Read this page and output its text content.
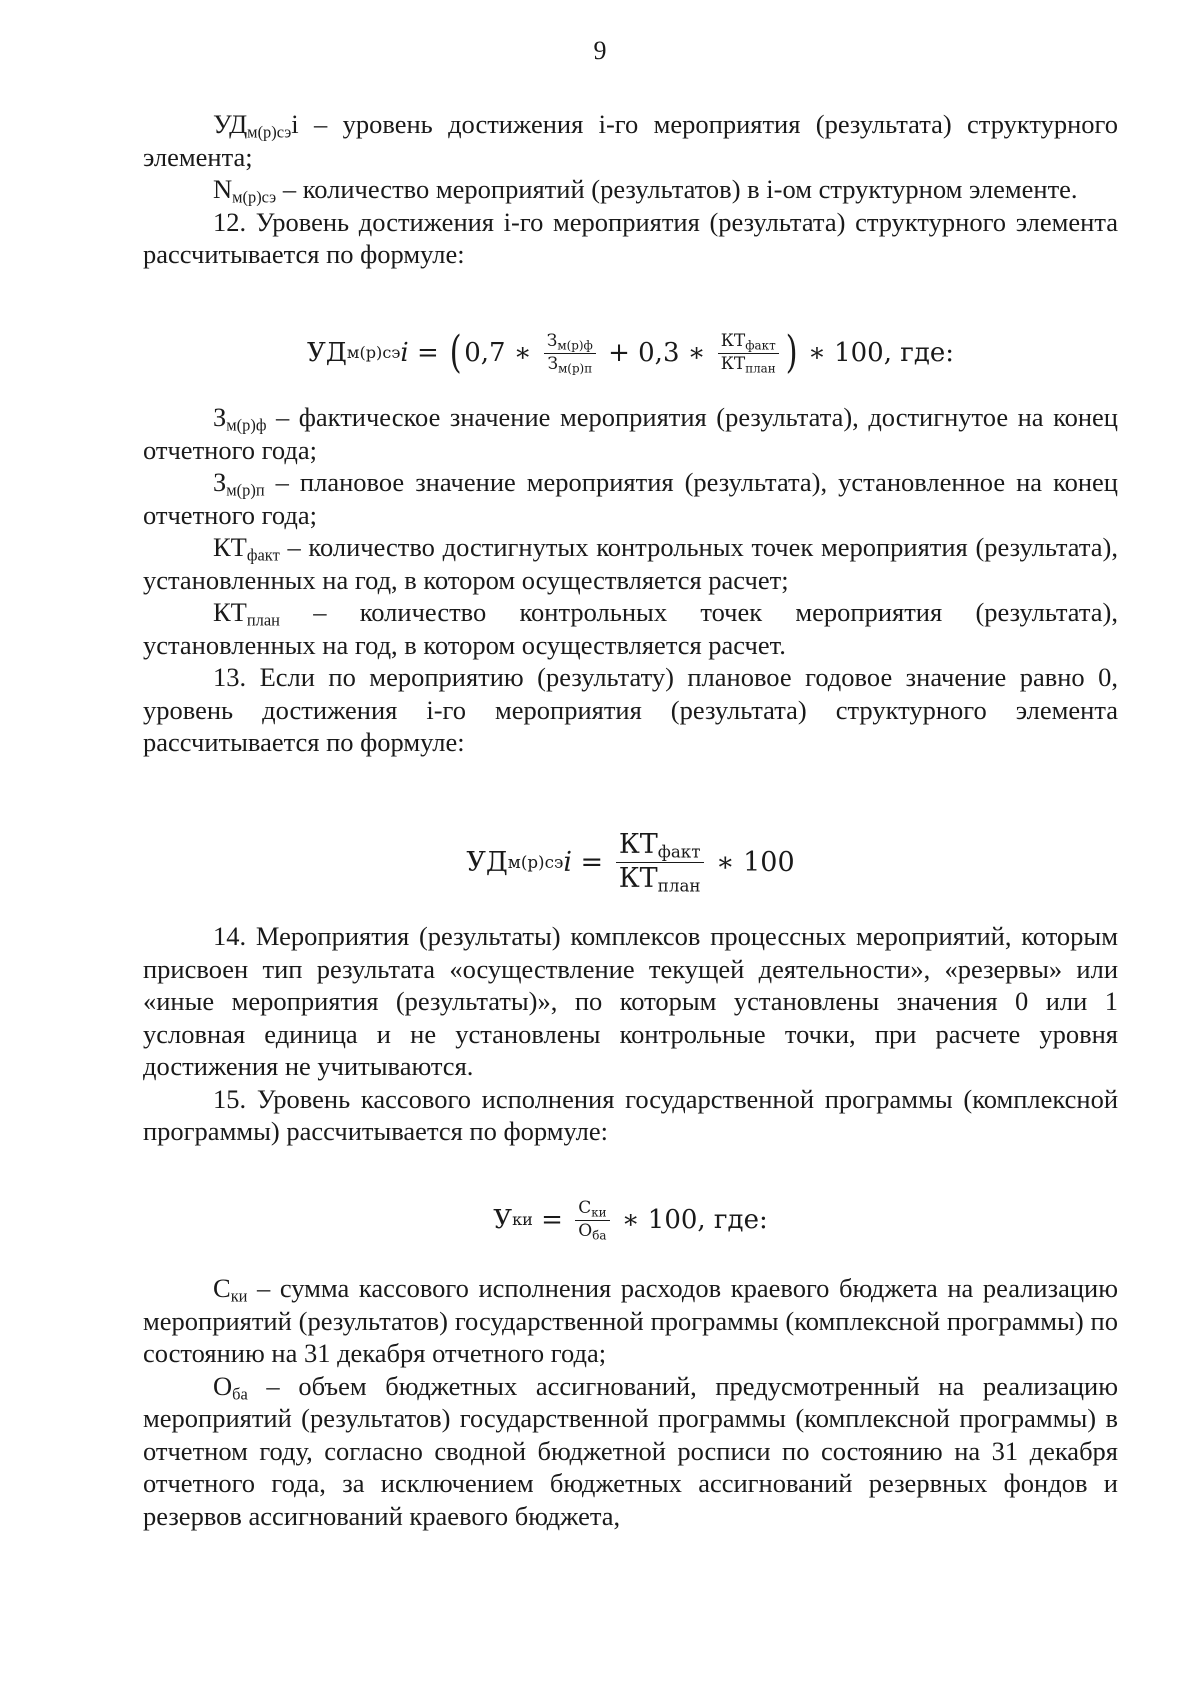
9

$УД_{м(р)сэ}i$ – уровень достижения i-го мероприятия (результата) структурного элемента;

$N_{м(р)сэ}$ – количество мероприятий (результатов) в i-ом структурном элементе.

12. Уровень достижения i-го мероприятия (результата) структурного элемента рассчитывается по формуле:

УД м(р)сэ i = ( 0,7 ∗ $\frac{З_{м(р)ф}}{З_{м(р)п}} + 0,3$ ∗ $\frac{КТ_{факт}}{КТ_{план}}$ ) ∗ 100, где:

$З_{м(р)ф}$ – фактическое значение мероприятия (результата), достигнутое на конец отчетного года;

$З_{м(р)п}$ – плановое значение мероприятия (результата), установленное на конец отчетного года;

$КТ_{факт}$ – количество достигнутых контрольных точек мероприятия (результата), установленных на год, в котором осуществляется расчет;

$КТ_{план}$ – количество контрольных точек мероприятия (результата), установленных на год, в котором осуществляется расчет.

13. Если по мероприятию (результату) плановое годовое значение равно 0, уровень достижения i-го мероприятия (результата) структурного элемента рассчитывается по формуле:

УД м(р)сэ $i = \frac{КТ_{факт}}{КТ_{план}}$ ∗ 100

14. Мероприятия (результаты) комплексов процессных мероприятий, которым присвоен тип результата «осуществление текущей деятельности», «резервы» или «иные мероприятия (результаты)», по которым установлены значения 0 или 1 условная единица и не установлены контрольные точки, при расчете уровня достижения не учитываются.

15. Уровень кассового исполнения государственной программы (комплексной программы) рассчитывается по формуле:

У ки = $\frac{С_{ки}}{О_{ба}}$ ∗ 100, где:

$С_{ки}$ – сумма кассового исполнения расходов краевого бюджета на реализацию мероприятий (результатов) государственной программы (комплексной программы) по состоянию на 31 декабря отчетного года;

$О_{ба}$ – объем бюджетных ассигнований, предусмотренный на реализацию мероприятий (результатов) государственной программы (комплексной программы) в отчетном году, согласно сводной бюджетной росписи по состоянию на 31 декабря отчетного года, за исключением бюджетных ассигнований резервных фондов и резервов ассигнований краевого бюджета,
